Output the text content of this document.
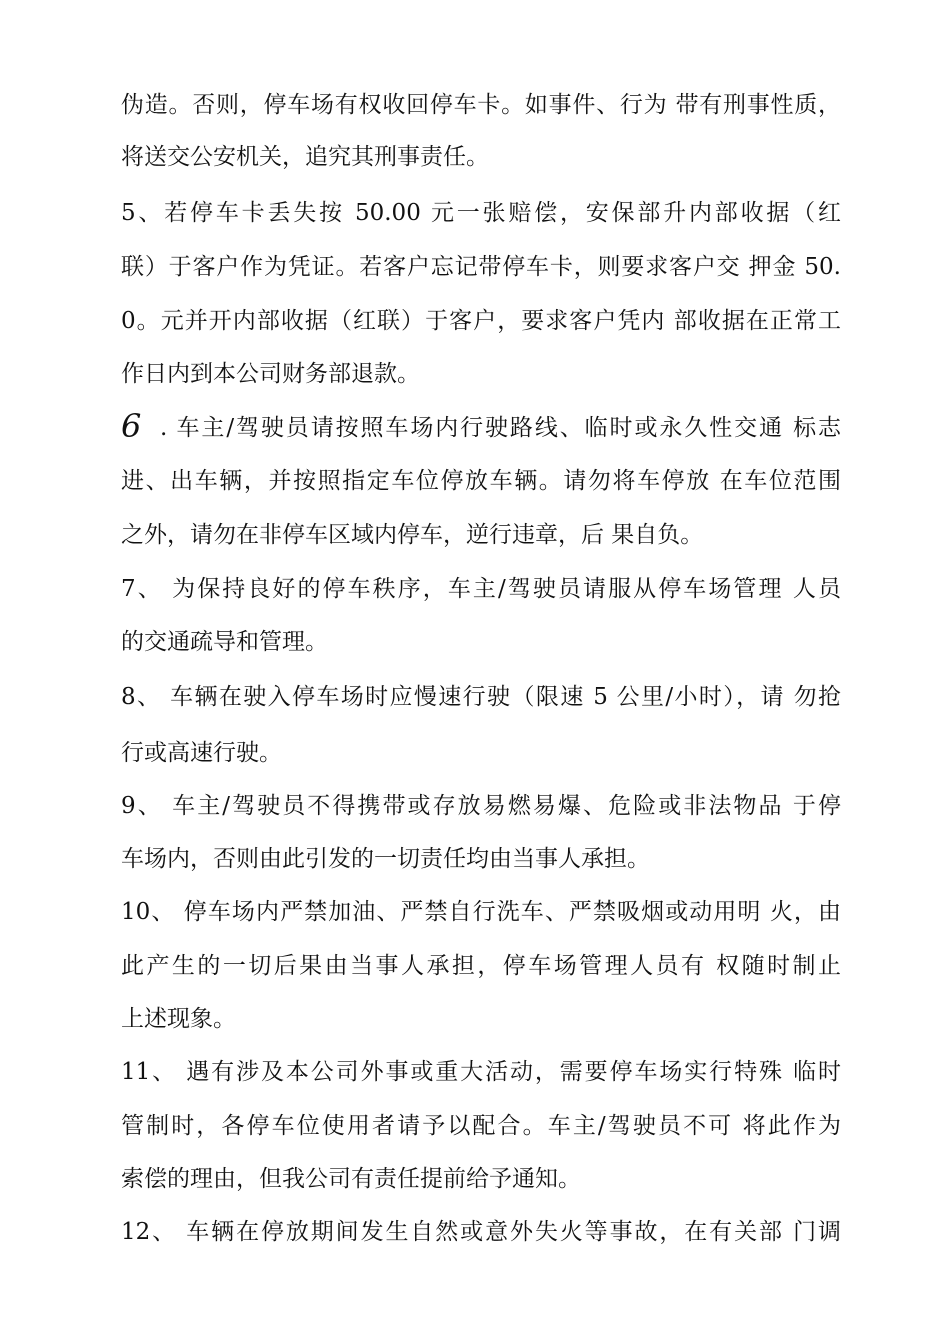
伪造。否则，停车场有权收回停车卡。如事件、行为 带有刑事性质，
将送交公安机关，追究其刑事责任。
5、若停车卡丢失按 50.00 元一张赔偿，安保部升内部收据（红
联）于客户作为凭证。若客户忘记带停车卡，则要求客户交 押金 50.
0。元并开内部收据（红联）于客户，要求客户凭内 部收据在正常工
作日内到本公司财务部退款。
6 . 车主/驾驶员请按照车场内行驶路线、临时或永久性交通 标志
进、出车辆，并按照指定车位停放车辆。请勿将车停放 在车位范围
之外，请勿在非停车区域内停车，逆行违章，后 果自负。
7、 为保持良好的停车秩序，车主/驾驶员请服从停车场管理 人员
的交通疏导和管理。
8、 车辆在驶入停车场时应慢速行驶（限速 5 公里/小时），请 勿抢
行或高速行驶。
9、 车主/驾驶员不得携带或存放易燃易爆、危险或非法物品 于停
车场内，否则由此引发的一切责任均由当事人承担。
10、 停车场内严禁加油、严禁自行洗车、严禁吸烟或动用明 火，由
此产生的一切后果由当事人承担，停车场管理人员有 权随时制止
上述现象。
11、 遇有涉及本公司外事或重大活动，需要停车场实行特殊 临时
管制时，各停车位使用者请予以配合。车主/驾驶员不可 将此作为
索偿的理由，但我公司有责任提前给予通知。
12、 车辆在停放期间发生自然或意外失火等事故，在有关部 门调
